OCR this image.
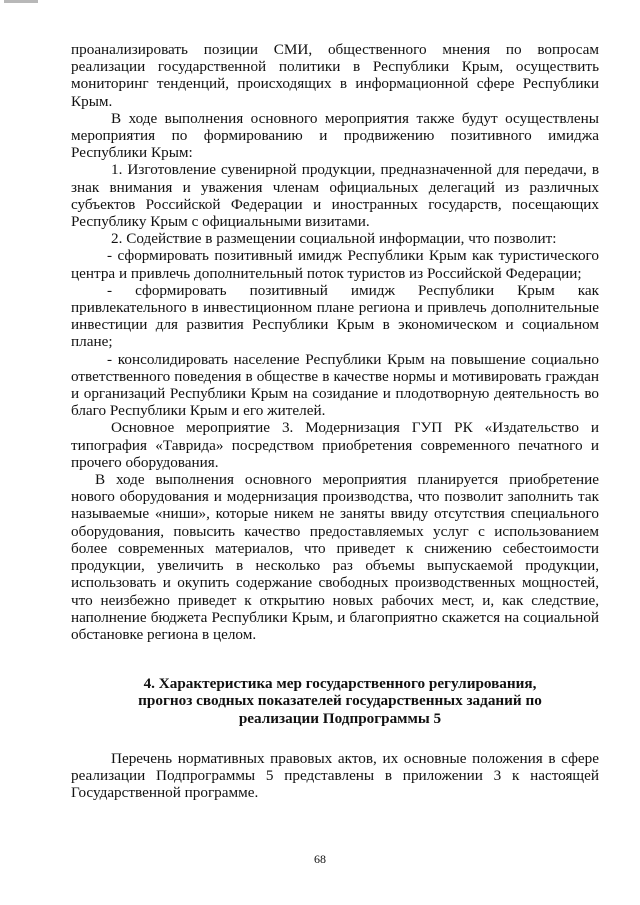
проанализировать позиции СМИ, общественного мнения по вопросам реализации государственной политики в Республики Крым, осуществить мониторинг тенденций, происходящих в информационной сфере Республики Крым.

В ходе выполнения основного мероприятия также будут осуществлены мероприятия по формированию и продвижению позитивного имиджа Республики Крым:

1. Изготовление сувенирной продукции, предназначенной для передачи, в знак внимания и уважения членам официальных делегаций из различных субъектов Российской Федерации и иностранных государств, посещающих Республику Крым с официальными визитами.

2. Содействие в размещении социальной информации, что позволит:

- сформировать позитивный имидж Республики Крым как туристического центра и привлечь дополнительный поток туристов из Российской Федерации;

- сформировать позитивный имидж Республики Крым как привлекательного в инвестиционном плане региона и привлечь дополнительные инвестиции для развития Республики Крым в экономическом и социальном плане;

- консолидировать население Республики Крым на повышение социально ответственного поведения в обществе в качестве нормы и мотивировать граждан и организаций Республики Крым на созидание и плодотворную деятельность во благо Республики Крым и его жителей.

Основное мероприятие 3. Модернизация ГУП РК «Издательство и типография «Таврида» посредством приобретения современного печатного и прочего оборудования.

В ходе выполнения основного мероприятия планируется приобретение нового оборудования и модернизация производства, что позволит заполнить так называемые «ниши», которые никем не заняты ввиду отсутствия специального оборудования, повысить качество предоставляемых услуг с использованием более современных материалов, что приведет к снижению себестоимости продукции, увеличить в несколько раз объемы выпускаемой продукции, использовать и окупить содержание свободных производственных мощностей, что неизбежно приведет к открытию новых рабочих мест, и, как следствие, наполнение бюджета Республики Крым, и благоприятно скажется на социальной обстановке региона в целом.

4. Характеристика мер государственного регулирования, прогноз сводных показателей государственных заданий по реализации Подпрограммы 5

Перечень нормативных правовых актов, их основные положения в сфере реализации Подпрограммы 5 представлены в приложении 3 к настоящей Государственной программе.

68
